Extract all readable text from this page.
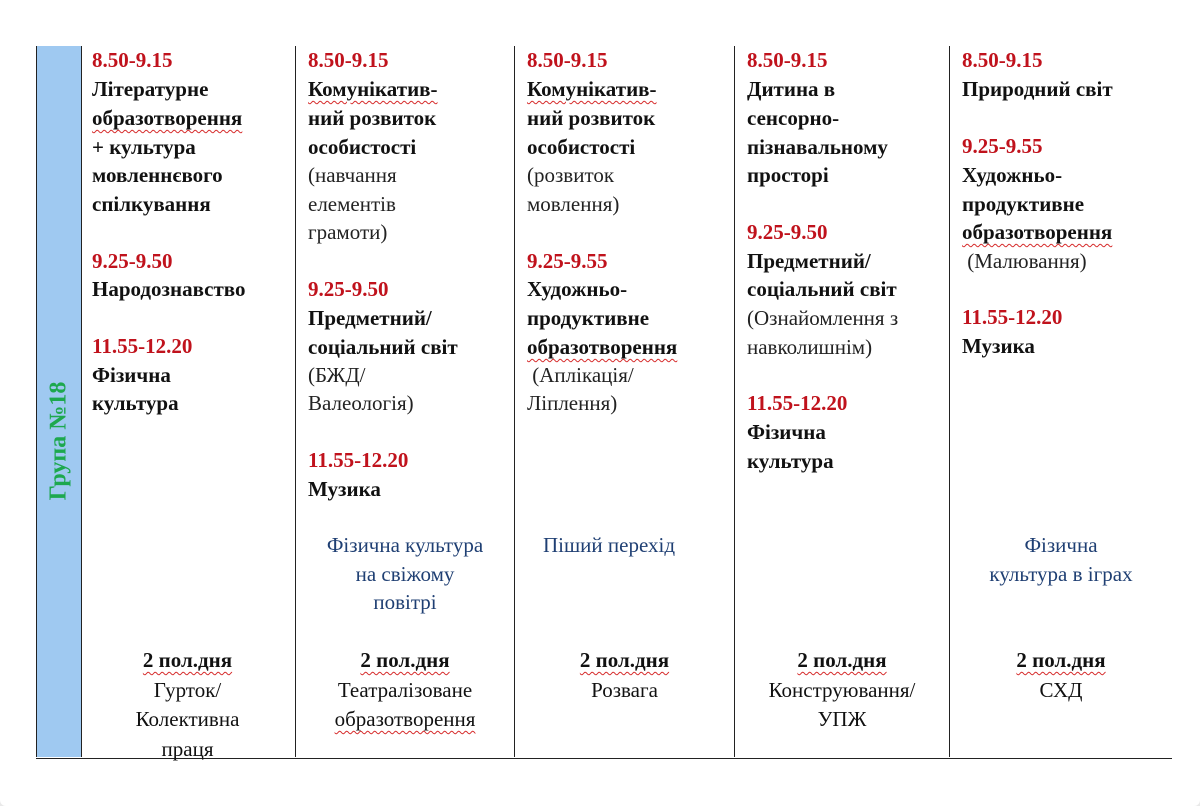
Група №18
8.50-9.15
Літературне
образотворення
+ культура
мовленнєвого
спілкування
9.25-9.50
Народознавство
11.55-12.20
Фізична
культура
2 пол.дня
Гурток/
Колективна
праця
8.50-9.15
Комунікатив-
ний розвиток
особистості
(навчання
елементів
грамоти)
9.25-9.50
Предметний/
соціальний світ
(БЖД/
Валеологія)
11.55-12.20
Музика
Фізична культура
на свіжому
повітрі
2 пол.дня
Театралізоване
образотворення
8.50-9.15
Комунікатив-
ний розвиток
особистості
(розвиток
мовлення)
9.25-9.55
Художньо-
продуктивне
образотворення
(Аплікація/
Ліплення)
Піший перехід
2 пол.дня
Розвага
8.50-9.15
Дитина в
сенсорно-
пізнавальному
просторі
9.25-9.50
Предметний/
соціальний світ
(Ознайомлення з
навколишнім)
11.55-12.20
Фізична
культура
2 пол.дня
Конструювання/
УПЖ
8.50-9.15
Природний світ
9.25-9.55
Художньо-
продуктивне
образотворення
(Малювання)
11.55-12.20
Музика
Фізична
культура в іграх
2 пол.дня
СХД
